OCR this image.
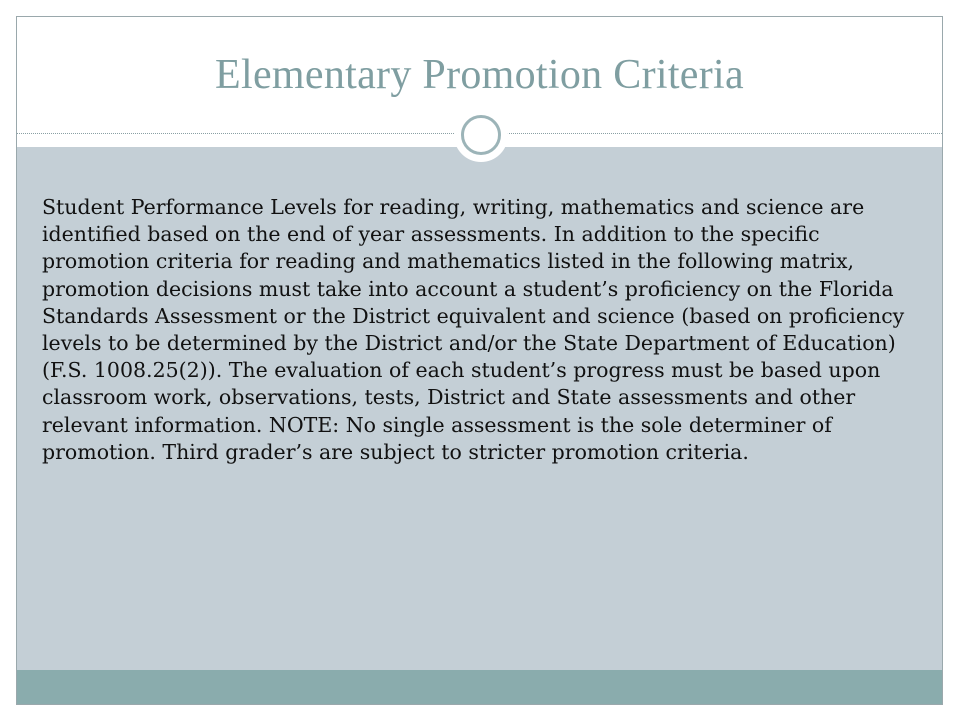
Elementary Promotion Criteria

Student Performance Levels for reading, writing, mathematics and science are identified based on the end of year assessments. In addition to the specific promotion criteria for reading and mathematics listed in the following matrix, promotion decisions must take into account a student’s proficiency on the Florida Standards Assessment or the District equivalent and science (based on proficiency levels to be determined by the District and/or the State Department of Education) (F.S. 1008.25(2)). The evaluation of each student’s progress must be based upon classroom work, observations, tests, District and State assessments and other relevant information. NOTE: No single assessment is the sole determiner of promotion. Third grader’s are subject to stricter promotion criteria.
